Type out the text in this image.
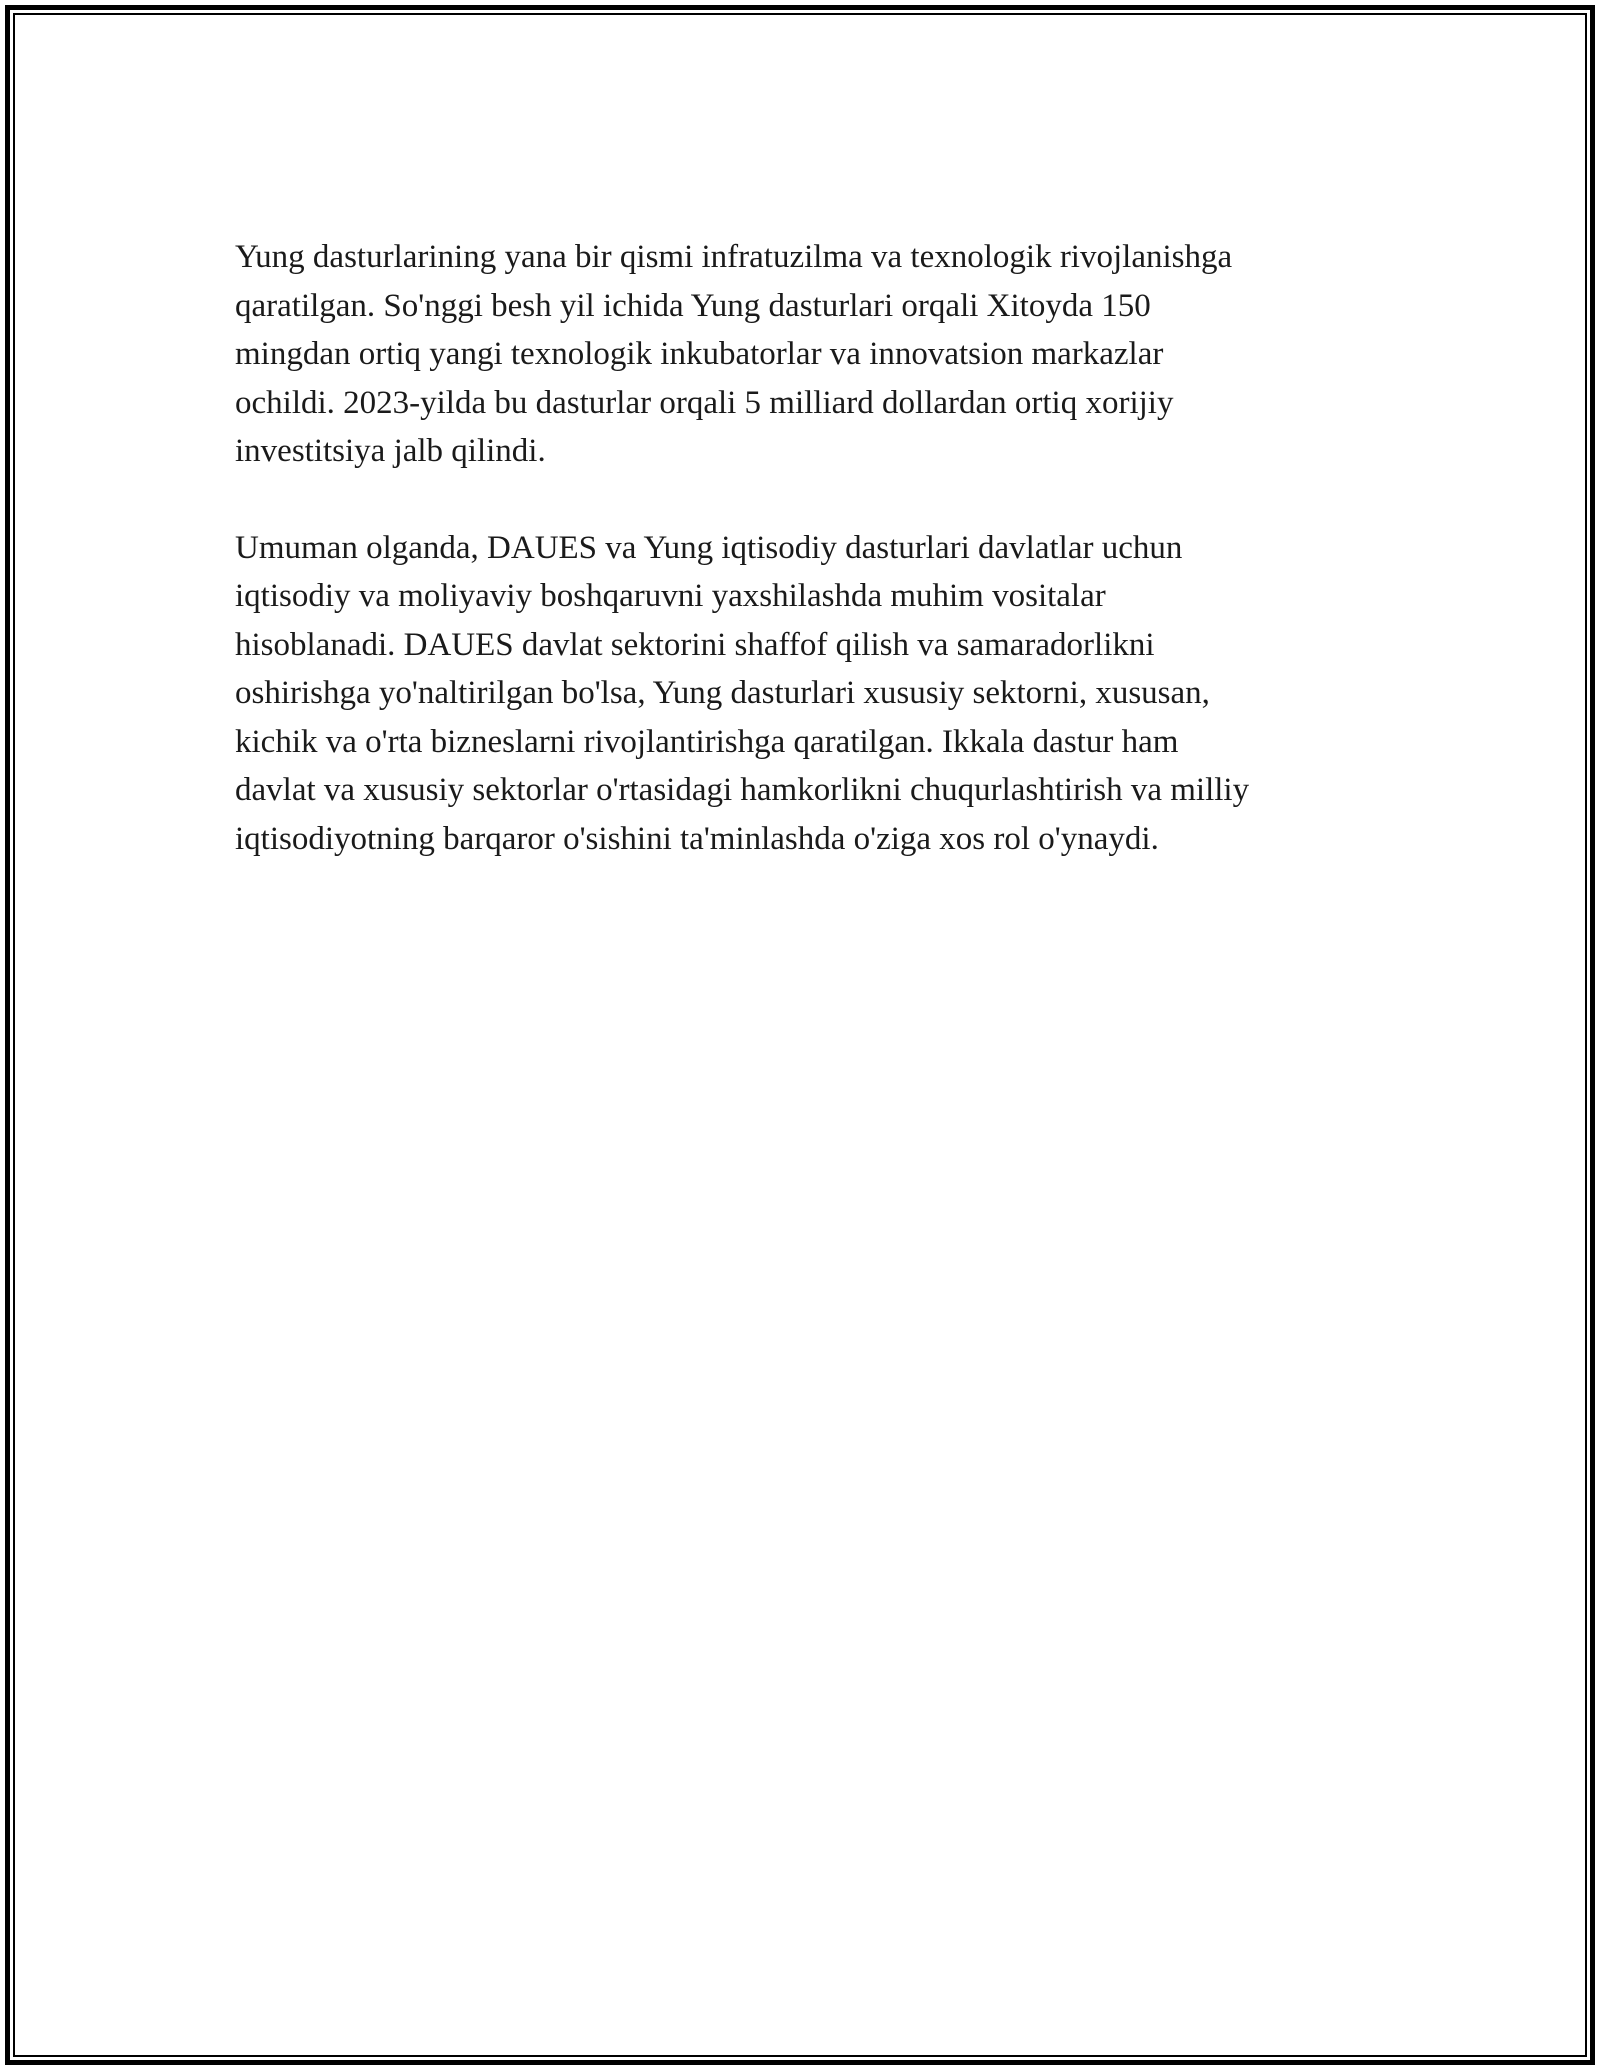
Yung dasturlarining yana bir qismi infratuzilma va texnologik rivojlanishga
qaratilgan. So'nggi besh yil ichida Yung dasturlari orqali Xitoyda 150
mingdan ortiq yangi texnologik inkubatorlar va innovatsion markazlar
ochildi. 2023-yilda bu dasturlar orqali 5 milliard dollardan ortiq xorijiy
investitsiya jalb qilindi.

Umuman olganda, DAUES va Yung iqtisodiy dasturlari davlatlar uchun
iqtisodiy va moliyaviy boshqaruvni yaxshilashda muhim vositalar
hisoblanadi. DAUES davlat sektorini shaffof qilish va samaradorlikni
oshirishga yo'naltirilgan bo'lsa, Yung dasturlari xususiy sektorni, xususan,
kichik va o'rta bizneslarni rivojlantirishga qaratilgan. Ikkala dastur ham
davlat va xususiy sektorlar o'rtasidagi hamkorlikni chuqurlashtirish va milliy
iqtisodiyotning barqaror o'sishini ta'minlashda o'ziga xos rol o'ynaydi.
